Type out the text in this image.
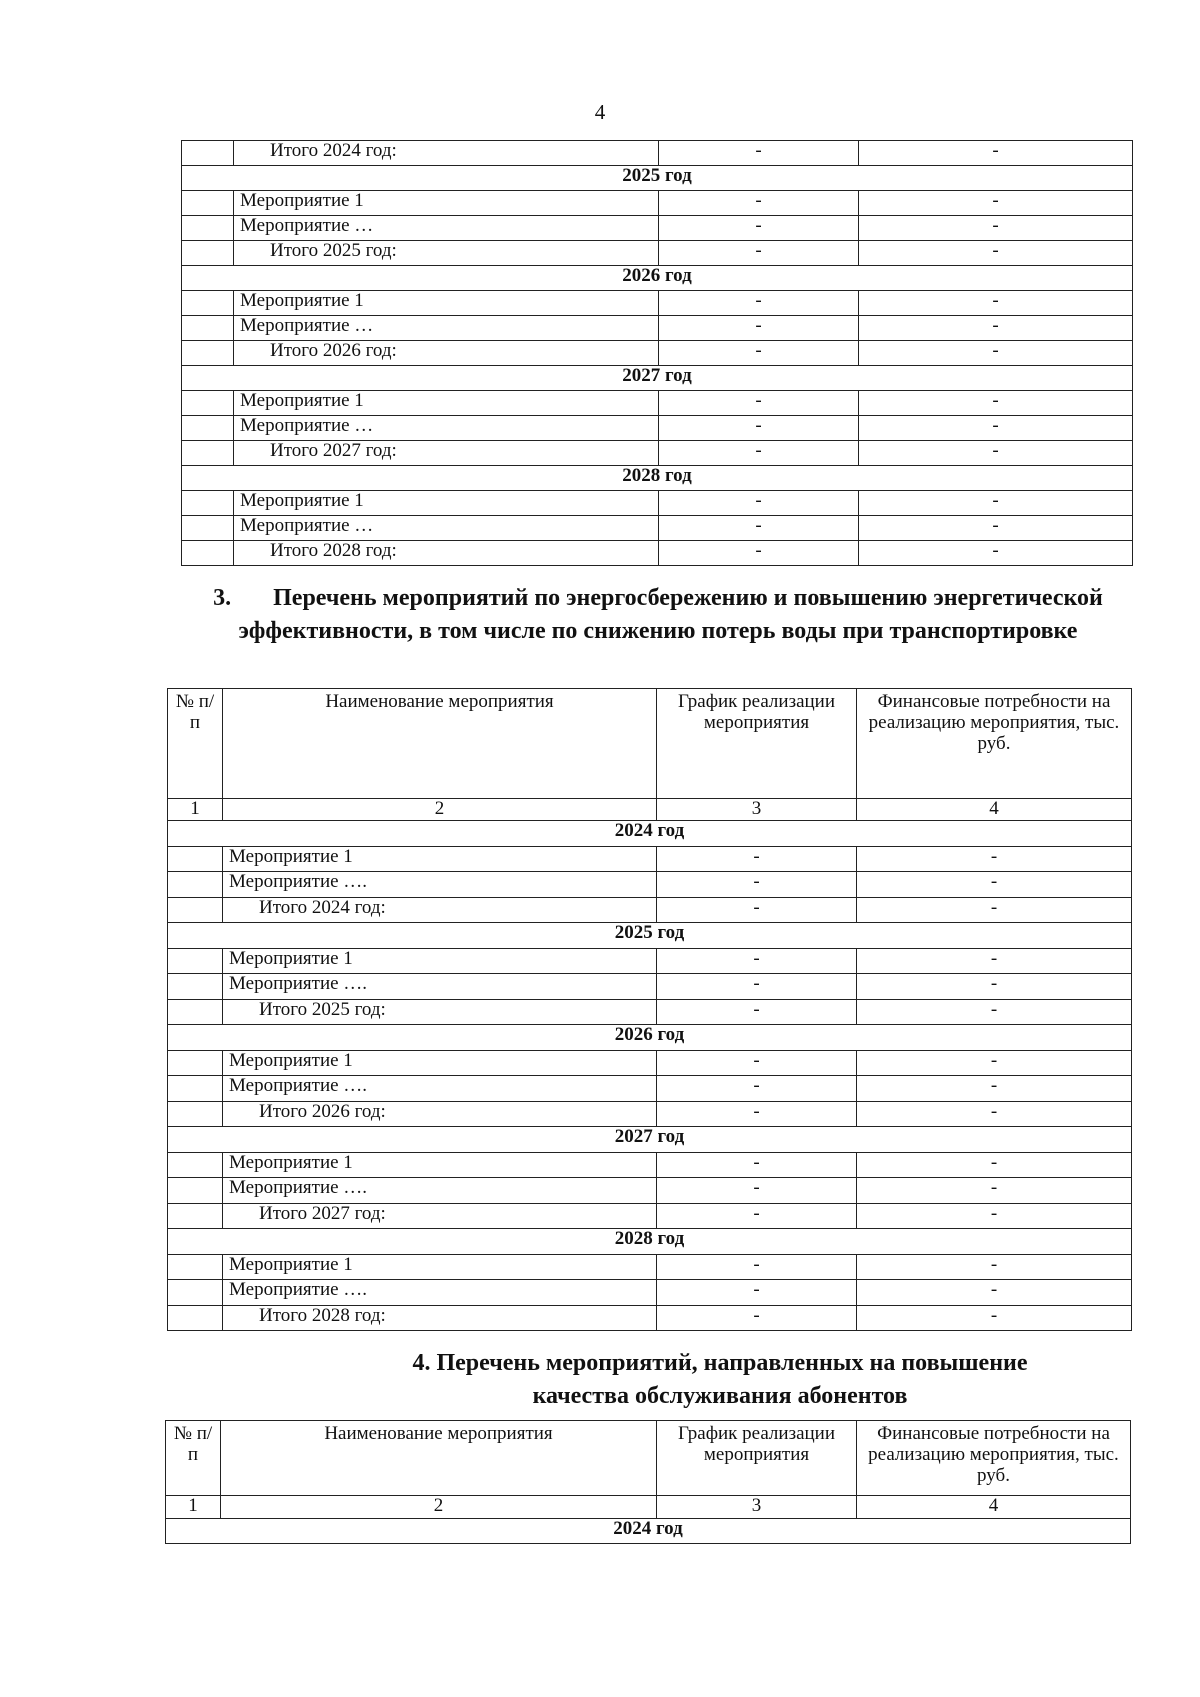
4
	Итого 2024 год:	-	-
2025 год			
	Мероприятие 1	-	-
	Мероприятие …	-	-
	Итого 2025 год:	-	-
2026 год			
	Мероприятие 1	-	-
	Мероприятие …	-	-
	Итого 2026 год:	-	-
2027 год			
	Мероприятие 1	-	-
	Мероприятие …	-	-
	Итого 2027 год:	-	-
2028 год			
	Мероприятие 1	-	-
	Мероприятие …	-	-
	Итого 2028 год:	-	-

3. Перечень мероприятий по энергосбережению и повышению энергетической эффективности, в том числе по снижению потерь воды при транспортировке

№ п/п	Наименование мероприятия	График реализации мероприятия	Финансовые потребности на реализацию мероприятия, тыс. руб.
1	2	3	4
2024 год			
	Мероприятие 1	-	-
	Мероприятие ….	-	-
	Итого 2024 год:	-	-
2025 год			
	Мероприятие 1	-	-
	Мероприятие ….	-	-
	Итого 2025 год:	-	-
2026 год			
	Мероприятие 1	-	-
	Мероприятие ….	-	-
	Итого 2026 год:	-	-
2027 год			
	Мероприятие 1	-	-
	Мероприятие ….	-	-
	Итого 2027 год:	-	-
2028 год			
	Мероприятие 1	-	-
	Мероприятие ….	-	-
	Итого 2028 год:	-	-

4. Перечень мероприятий, направленных на повышение качества обслуживания абонентов

№ п/п	Наименование мероприятия	График реализации мероприятия	Финансовые потребности на реализацию мероприятия, тыс. руб.
1	2	3	4
2024 год			
